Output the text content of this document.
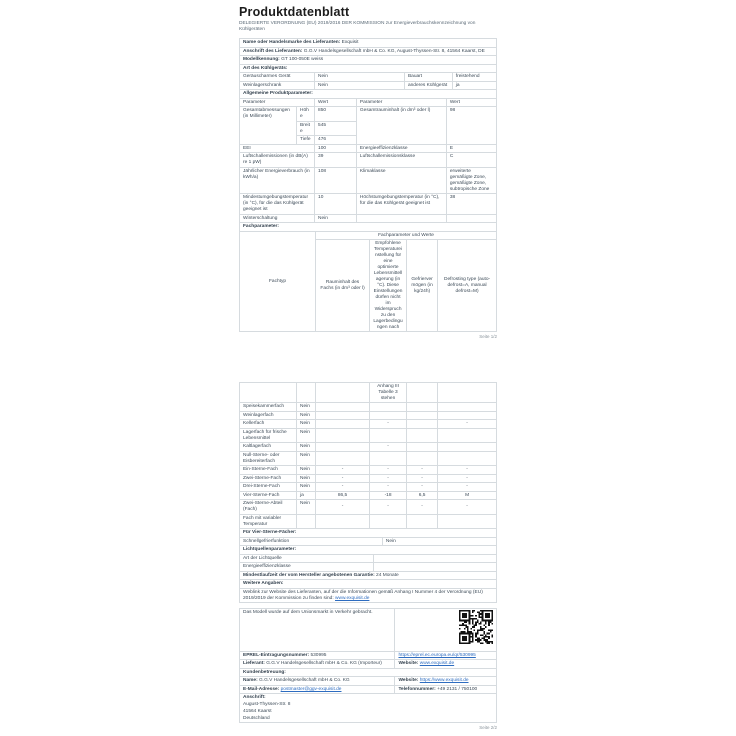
Produktdatenblatt

DELEGIERTE VERORDNUNG (EU) 2019/2016 DER KOMMISSION zur Energieverbrauchskennzeichnung von Kühlgeräten

Name oder Handelsmarke des Lieferanten: Exquisit
Anschrift des Lieferanten: G.G.V Handelsgesellschaft mbH & Co. KG, August-Thyssen-Str. 8, 41564 Kaarst, DE
Modellkennung: GT 100-050E weiss
Art des Kühlgeräts:
Geräuscharmes Gerät	Nein	Bauart	freistehend
Weinlagerschrank	Nein	anderes Kühlgerät	ja
Allgemeine Produktparameter:
Parameter		Wert	Parameter	Wert
Gesamtabmessungen (in Millimeter)	Höhe	850	Gesamtrauminhalt (in dm³ oder l)	98
	Breite	545		
	Tiefe	476		
EEI		100	Energieeffizienzklasse	E
Luftschallemissionen (in dB(A) re 1 pW)		39	Luftschallemissionsklasse	C
Jährlicher Energieverbrauch (in kWh/a)		108	Klimaklasse	erweiterte gemäßigte Zone, gemäßigte Zone, subtropische Zone
Mindestumgebungstemperatur (in °C), für die das Kühlgerät geeignet ist		10	Höchstumgebungstemperatur (in °C), für die das Kühlgerät geeignet ist	38
Winterschaltung		Nein		
Fachparameter:
Fachtyp	Fachparameter und Werte			
	Rauminhalt des Fachs (in dm³ oder l)	Empfohlene Temperatureinstellung für eine optimierte Lebensmittellagerung (in °C). Diese Einstellungen dürfen nicht im Widerspruch zu den Lagerbedingungen nach	Gefriervermögen (in kg/24h)	Defrosting type (auto-defrost=A, manual defrost=M)
Seite 1/2
			Anhang III Tabelle 3 stehen		
Speisekammerfach	Nein				
Weinlagerfach	Nein				
Kellerfach	Nein		-		-
Lagerfach für frische Lebensmittel	Nein				
Kaltlagerfach	Nein		-		
Null-Sterne- oder Eisbereiterfach	Nein				
Ein-Sterne-Fach	Nein	-	-	-	-
Zwei-Sterne-Fach	Nein	-	-	-	-
Drei-Sterne-Fach	Nein	-	-	-	-
Vier-Sterne-Fach	ja	86,5	-18	6,5	M
Zwei-Sterne-Abteil (Fach)	Nein	-	-	-	-
Fach mit variabler Temperatur					
Für Vier-Sterne-Fächer:
Schnellgefrierfunktion	Nein
Lichtquellenparameter:
Art der Lichtquelle	
Energieeffizienzklasse	
Mindestlaufzeit der vom Hersteller angebotenen Garantie: 24 Monate
Weitere Angaben:
Weblink zur Website des Lieferanten, auf der die Informationen gemäß Anhang I Nummer 4 der Verordnung (EU) 2019/2019 der Kommission zu finden sind: www.exquisit.de
Das Modell wurde auf dem Unionsmarkt in Verkehr gebracht.	

EPREL-Eintragungsnummer: 530995	https://eprel.ec.europa.eu/qr/530995
Lieferant: G.G.V Handelsgesellschaft mbH & Co. KG (Importeur)	Website: www.exquisit.de
Kundenbetreuung:	
Name: G.G.V Handelsgesellschaft mbH & Co. KG	Website: https://www.exquisit.de
E-Mail-Adresse: postmaster@ggv-exquisit.de	Telefonnummer: +49 2131 / 750100
Anschrift:
August-Thyssen-Str. 8
41564 Kaarst
Deutschland	
Seite 2/2
